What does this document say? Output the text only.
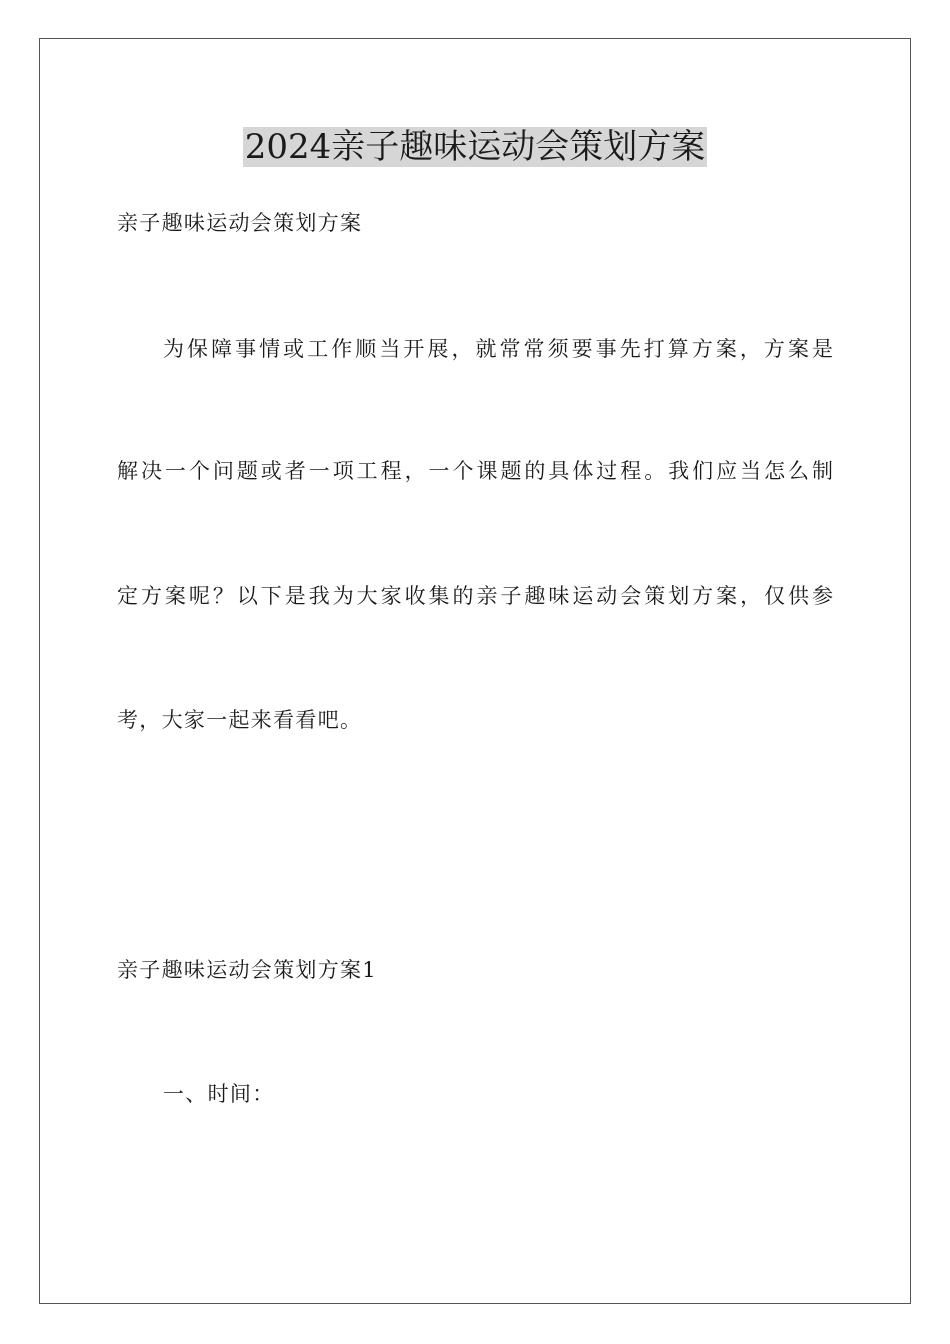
2024亲子趣味运动会策划方案
亲子趣味运动会策划方案
为保障事情或工作顺当开展，就常常须要事先打算方案，方案是
解决一个问题或者一项工程，一个课题的具体过程。我们应当怎么制
定方案呢？以下是我为大家收集的亲子趣味运动会策划方案，仅供参
考，大家一起来看看吧。
亲子趣味运动会策划方案1
一、时间：
